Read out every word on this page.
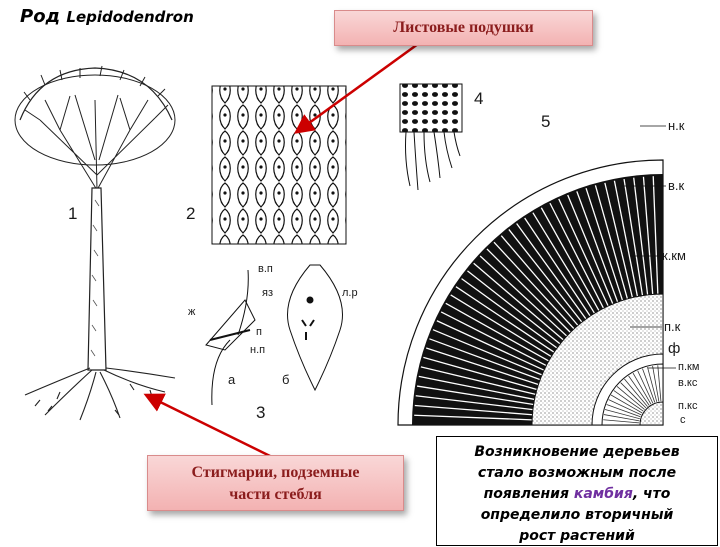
Род Lepidodendron
1	2
3
4
5
в.п
яз	л.р
ж
п
н.п
а	б
н.к
в.к
к.км
п.к
ф
п.км
в.кс
п.кс
с
Листовые подушки
Стигмарии, подземные
части стебля
Возникновение деревьев
стало возможным после
появления камбия, что
определило вторичный
рост растений
